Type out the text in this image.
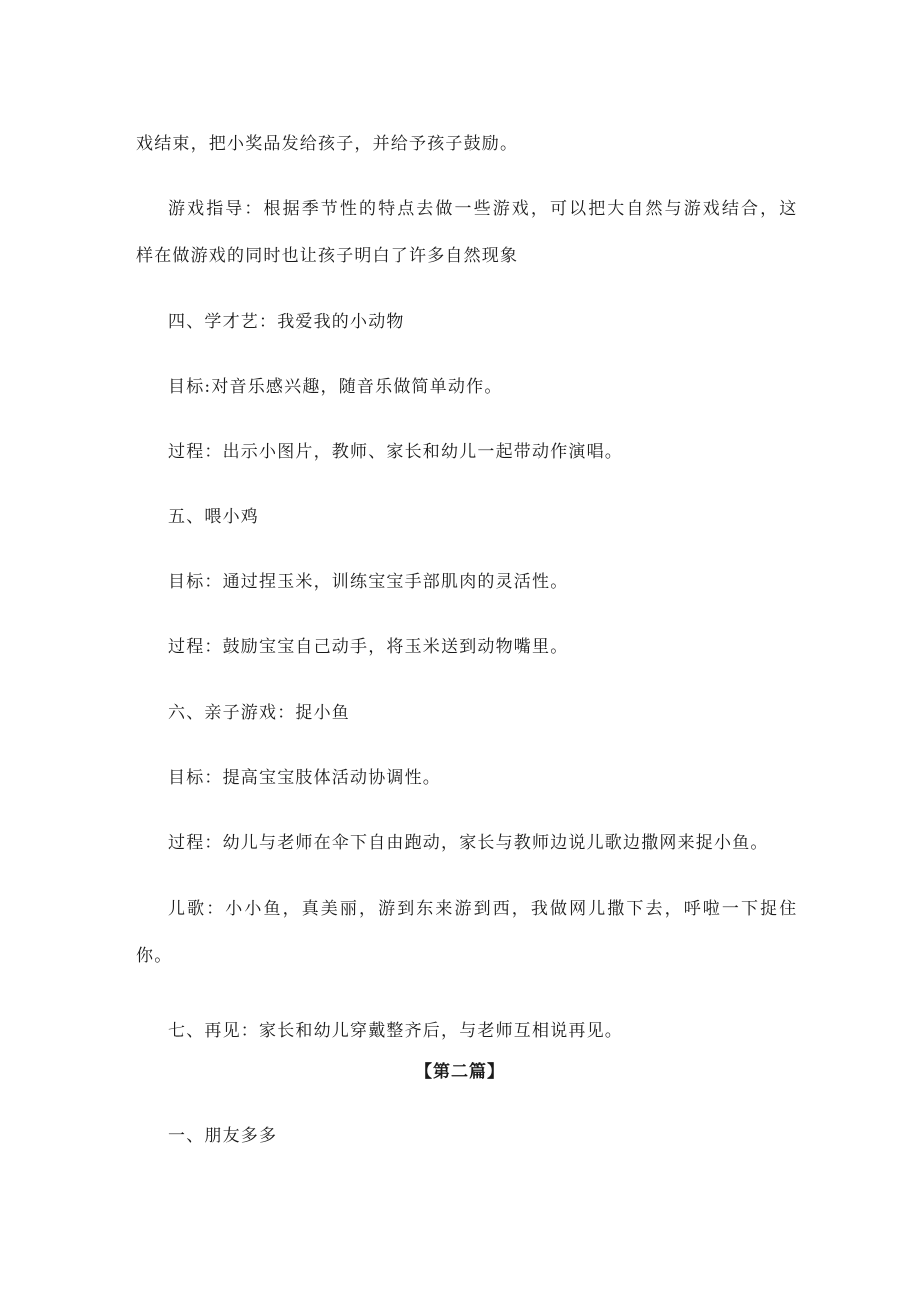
戏结束，把小奖品发给孩子，并给予孩子鼓励。
游戏指导：根据季节性的特点去做一些游戏，可以把大自然与游戏结合，这
样在做游戏的同时也让孩子明白了许多自然现象
四、学才艺：我爱我的小动物
目标:对音乐感兴趣，随音乐做简单动作。
过程：出示小图片，教师、家长和幼儿一起带动作演唱。
五、喂小鸡
目标：通过捏玉米，训练宝宝手部肌肉的灵活性。
过程：鼓励宝宝自己动手，将玉米送到动物嘴里。
六、亲子游戏：捉小鱼
目标：提高宝宝肢体活动协调性。
过程：幼儿与老师在伞下自由跑动，家长与教师边说儿歌边撒网来捉小鱼。
儿歌：小小鱼，真美丽，游到东来游到西，我做网儿撒下去，呼啦一下捉住
你。
七、再见：家长和幼儿穿戴整齐后，与老师互相说再见。
【第二篇】
一、朋友多多
